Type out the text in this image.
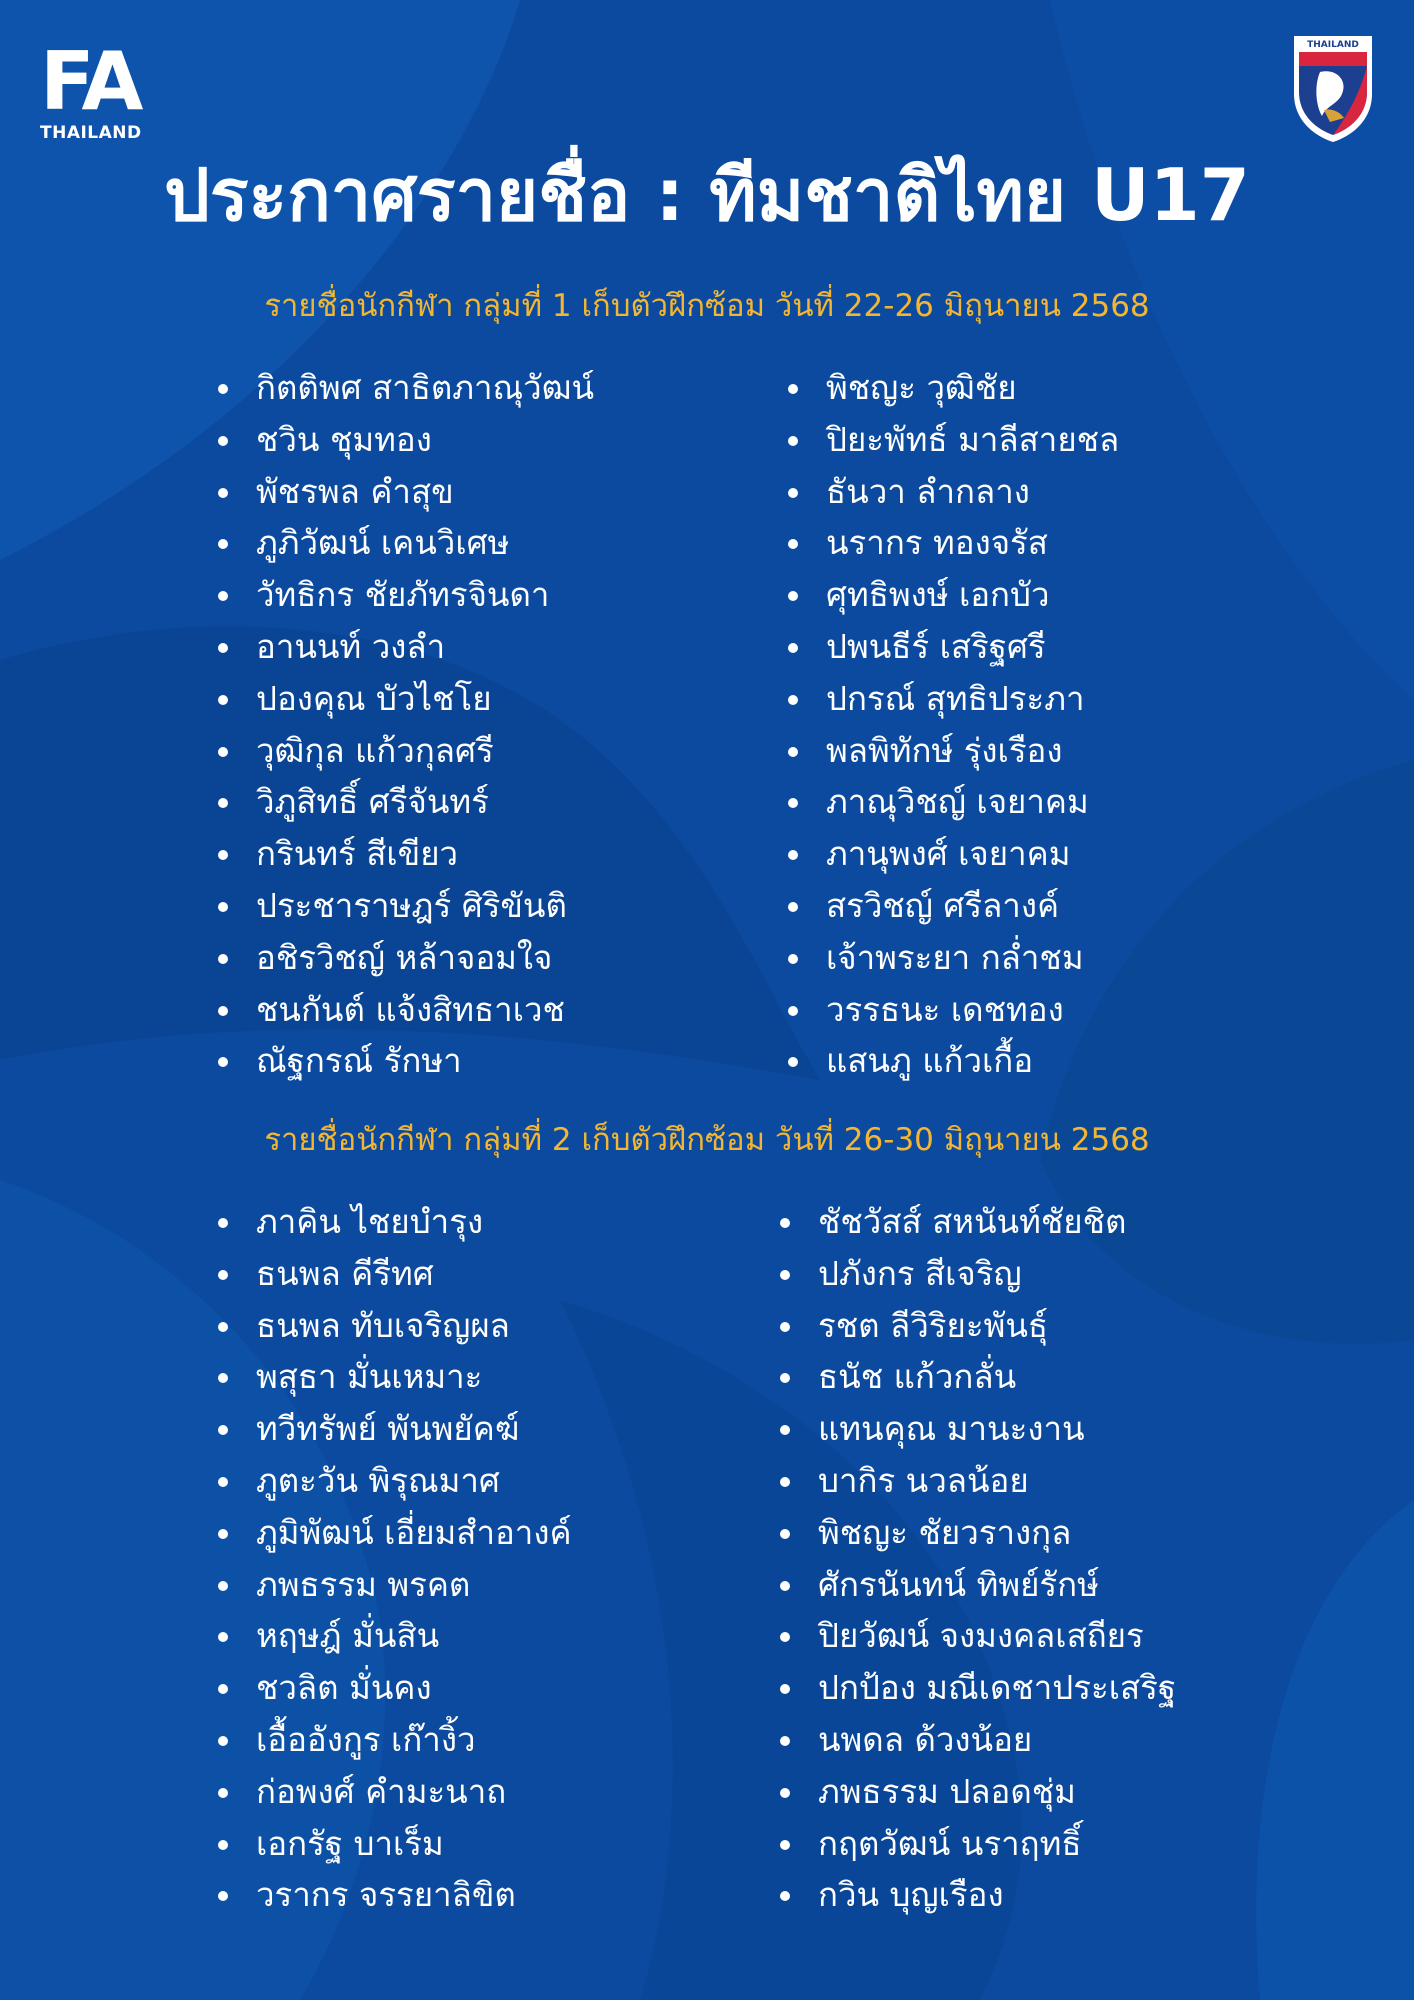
FA
THAILAND
THAILAND
ประกาศรายชื่อ : ทีมชาติไทย U17
รายชื่อนักกีฬา กลุ่มที่ 1 เก็บตัวฝึกซ้อม วันที่ 22-26 มิถุนายน 2568
กิตติพศ สาธิตภาณุวัฒน์
ชวิน ชุมทอง
พัชรพล คำสุข
ภูภิวัฒน์ เคนวิเศษ
วัทธิกร ชัยภัทรจินดา
อานนท์ วงลำ
ปองคุณ บัวไชโย
วุฒิกุล แก้วกุลศรี
วิภูสิทธิ์ ศรีจันทร์
กรินทร์ สีเขียว
ประชาราษฎร์ ศิริขันติ
อชิรวิชญ์ หล้าจอมใจ
ชนกันต์ แจ้งสิทธาเวช
ณัฐกรณ์ รักษา
พิชญะ วุฒิชัย
ปิยะพัทธ์ มาลีสายชล
ธันวา ลำกลาง
นรากร ทองจรัส
ศุทธิพงษ์ เอกบัว
ปพนธีร์ เสริฐศรี
ปกรณ์ สุทธิประภา
พลพิทักษ์ รุ่งเรือง
ภาณุวิชญ์ เจยาคม
ภานุพงศ์ เจยาคม
สรวิชญ์ ศรีลางค์
เจ้าพระยา กล่ำชม
วรรธนะ เดชทอง
แสนภู แก้วเกื้อ
รายชื่อนักกีฬา กลุ่มที่ 2 เก็บตัวฝึกซ้อม วันที่ 26-30 มิถุนายน 2568
ภาคิน ไชยบำรุง
ธนพล คีรีทศ
ธนพล ทับเจริญผล
พสุธา มั่นเหมาะ
ทวีทรัพย์ พันพยัคฆ์
ภูตะวัน พิรุณมาศ
ภูมิพัฒน์ เอี่ยมสำอางค์
ภพธรรม พรคต
หฤษฎ์ มั่นสิน
ชวลิต มั่นคง
เอื้ออังกูร เก๊างิ้ว
ก่อพงศ์ คำมะนาถ
เอกรัฐ บาเร็ม
วรากร จรรยาลิขิต
ชัชวัสส์ สหนันท์ชัยชิต
ปภังกร สีเจริญ
รชต ลีวิริยะพันธุ์
ธนัช แก้วกลั่น
แทนคุณ มานะงาน
บากิร นวลน้อย
พิชญะ ชัยวรางกุล
ศักรนันทน์ ทิพย์รักษ์
ปิยวัฒน์ จงมงคลเสถียร
ปกป้อง มณีเดชาประเสริฐ
นพดล ด้วงน้อย
ภพธรรม ปลอดชุ่ม
กฤตวัฒน์ นราฤทธิ์
กวิน บุญเรือง
